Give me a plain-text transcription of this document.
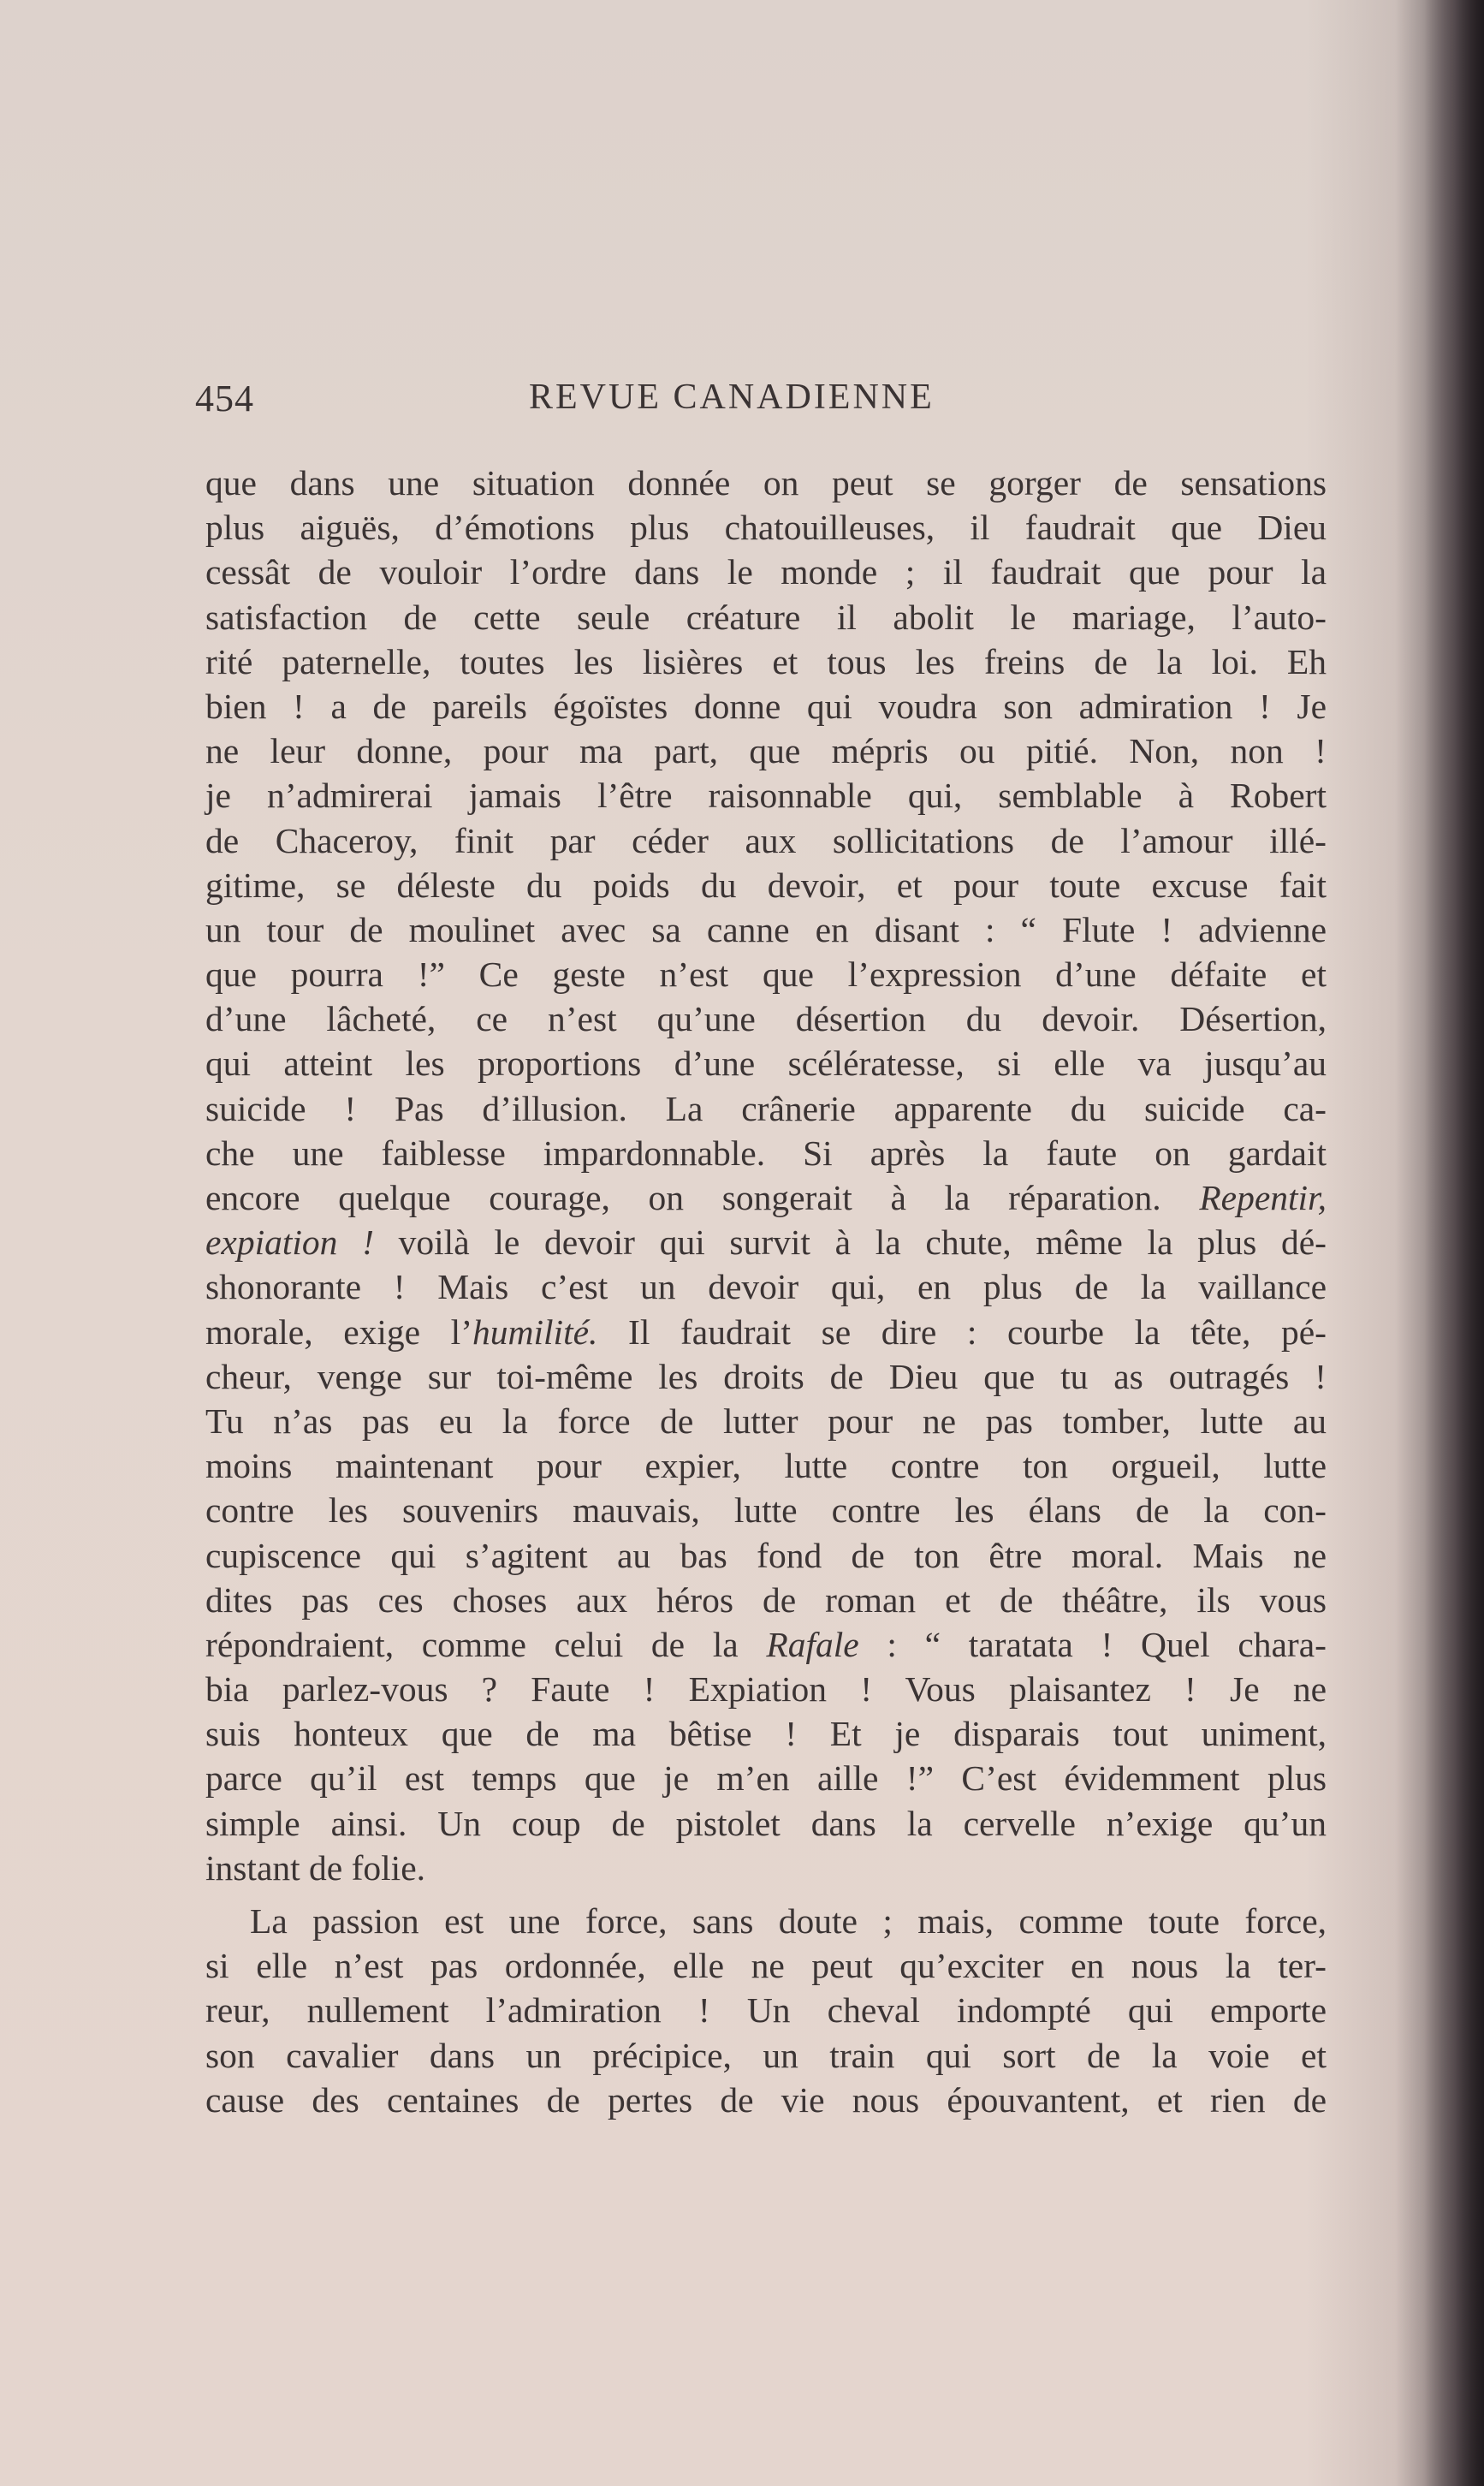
454	REVUE CANADIENNE
que dans une situation donnée on peut se gorger de sensations
plus aiguës, d’émotions plus chatouilleuses, il faudrait que Dieu
cessât de vouloir l’ordre dans le monde ; il faudrait que pour la
satisfaction de cette seule créature il abolit le mariage, l’auto-
rité paternelle, toutes les lisières et tous les freins de la loi. Eh
bien ! a de pareils égoïstes donne qui voudra son admiration ! Je
ne leur donne, pour ma part, que mépris ou pitié. Non, non !
je n’admirerai jamais l’être raisonnable qui, semblable à Robert
de Chaceroy, finit par céder aux sollicitations de l’amour illé-
gitime, se déleste du poids du devoir, et pour toute excuse fait
un tour de moulinet avec sa canne en disant : “ Flute ! advienne
que pourra !” Ce geste n’est que l’expression d’une défaite et
d’une lâcheté, ce n’est qu’une désertion du devoir. Désertion,
qui atteint les proportions d’une scélératesse, si elle va jusqu’au
suicide ! Pas d’illusion. La crânerie apparente du suicide ca-
che une faiblesse impardonnable. Si après la faute on gardait
encore quelque courage, on songerait à la réparation. Repentir,
expiation ! voilà le devoir qui survit à la chute, même la plus dé-
shonorante ! Mais c’est un devoir qui, en plus de la vaillance
morale, exige l’humilité. Il faudrait se dire : courbe la tête, pé-
cheur, venge sur toi-même les droits de Dieu que tu as outragés !
Tu n’as pas eu la force de lutter pour ne pas tomber, lutte au
moins maintenant pour expier, lutte contre ton orgueil, lutte
contre les souvenirs mauvais, lutte contre les élans de la con-
cupiscence qui s’agitent au bas fond de ton être moral. Mais ne
dites pas ces choses aux héros de roman et de théâtre, ils vous
répondraient, comme celui de la Rafale : “ taratata ! Quel chara-
bia parlez-vous ? Faute ! Expiation ! Vous plaisantez ! Je ne
suis honteux que de ma bêtise ! Et je disparais tout uniment,
parce qu’il est temps que je m’en aille !” C’est évidemment plus
simple ainsi. Un coup de pistolet dans la cervelle n’exige qu’un
instant de folie.
La passion est une force, sans doute ; mais, comme toute force,
si elle n’est pas ordonnée, elle ne peut qu’exciter en nous la ter-
reur, nullement l’admiration ! Un cheval indompté qui emporte
son cavalier dans un précipice, un train qui sort de la voie et
cause des centaines de pertes de vie nous épouvantent, et rien de
